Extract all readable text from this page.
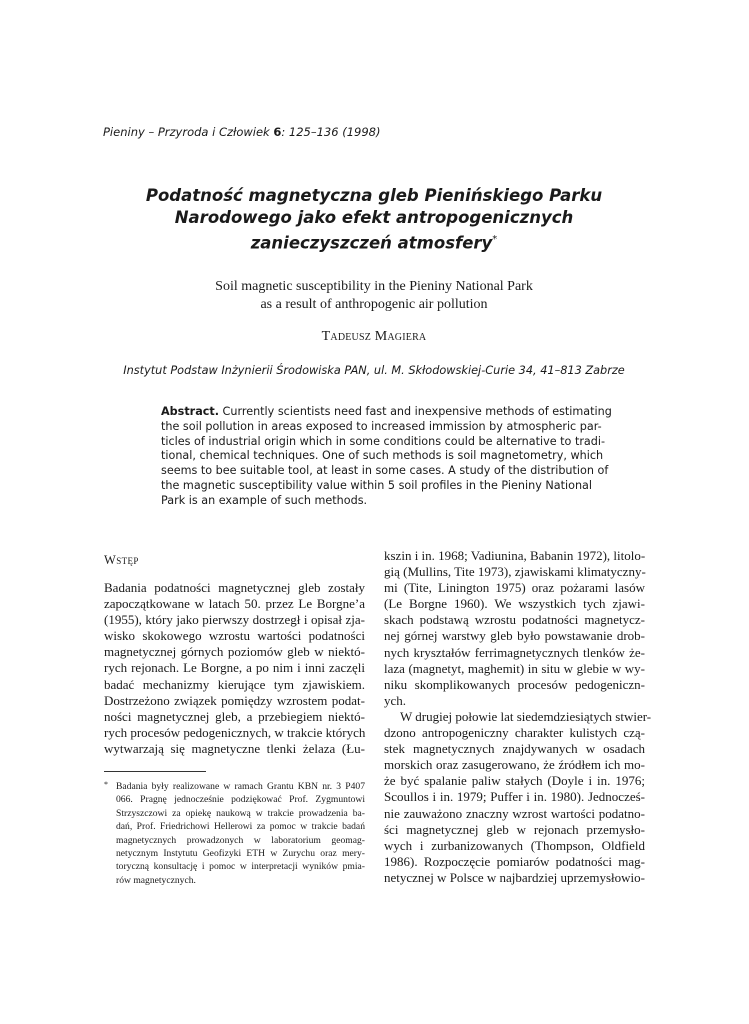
Pieniny – Przyroda i Człowiek 6: 125–136 (1998)
Podatność magnetyczna gleb Pienińskiego Parku
Narodowego jako efekt antropogenicznych
zanieczyszczeń atmosfery*
Soil magnetic susceptibility in the Pieniny National Park
as a result of anthropogenic air pollution
Tadeusz Magiera
Instytut Podstaw Inżynierii Środowiska PAN, ul. M. Skłodowskiej-Curie 34, 41–813 Zabrze
Abstract. Currently scientists need fast and inexpensive methods of estimating
the soil pollution in areas exposed to increased immission by atmospheric par-
ticles of industrial origin which in some conditions could be alternative to tradi-
tional, chemical techniques. One of such methods is soil magnetometry, which
seems to bee suitable tool, at least in some cases. A study of the distribution of
the magnetic susceptibility value within 5 soil profiles in the Pieniny National
Park is an example of such methods.
Wstęp
Badania podatności magnetycznej gleb zostały
zapoczątkowane w latach 50. przez Le Borgne’a
(1955), który jako pierwszy dostrzegł i opisał zja-
wisko skokowego wzrostu wartości podatności
magnetycznej górnych poziomów gleb w niektó-
rych rejonach. Le Borgne, a po nim i inni zaczęli
badać mechanizmy kierujące tym zjawiskiem.
Dostrzeżono związek pomiędzy wzrostem podat-
ności magnetycznej gleb, a przebiegiem niektó-
rych procesów pedogenicznych, w trakcie których
wytwarzają się magnetyczne tlenki żelaza (Łu-
kszin i in. 1968; Vadiunina, Babanin 1972), litolo-
gią (Mullins, Tite 1973), zjawiskami klimatyczny-
mi (Tite, Linington 1975) oraz pożarami lasów
(Le Borgne 1960). We wszystkich tych zjawi-
skach podstawą wzrostu podatności magnetycz-
nej górnej warstwy gleb było powstawanie drob-
nych kryształów ferrimagnetycznych tlenków że-
laza (magnetyt, maghemit) in situ w glebie w wy-
niku skomplikowanych procesów pedogeniczn-
ych.
W drugiej połowie lat siedemdziesiątych stwier-
dzono antropogeniczny charakter kulistych czą-
stek magnetycznych znajdywanych w osadach
morskich oraz zasugerowano, że źródłem ich mo-
że być spalanie paliw stałych (Doyle i in. 1976;
Scoullos i in. 1979; Puffer i in. 1980). Jednocześ-
nie zauważono znaczny wzrost wartości podatno-
ści magnetycznej gleb w rejonach przemysło-
wych i zurbanizowanych (Thompson, Oldfield
1986). Rozpoczęcie pomiarów podatności mag-
netycznej w Polsce w najbardziej uprzemysłowio-
* Badania były realizowane w ramach Grantu KBN nr. 3 P407
066. Pragnę jednocześnie podziękować Prof. Zygmuntowi
Strzyszczowi za opiekę naukową w trakcie prowadzenia ba-
dań, Prof. Friedrichowi Hellerowi za pomoc w trakcie badań
magnetycznych prowadzonych w laboratorium geomag-
netycznym Instytutu Geofizyki ETH w Zurychu oraz mery-
toryczną konsultację i pomoc w interpretacji wyników pmia-
rów magnetycznych.
